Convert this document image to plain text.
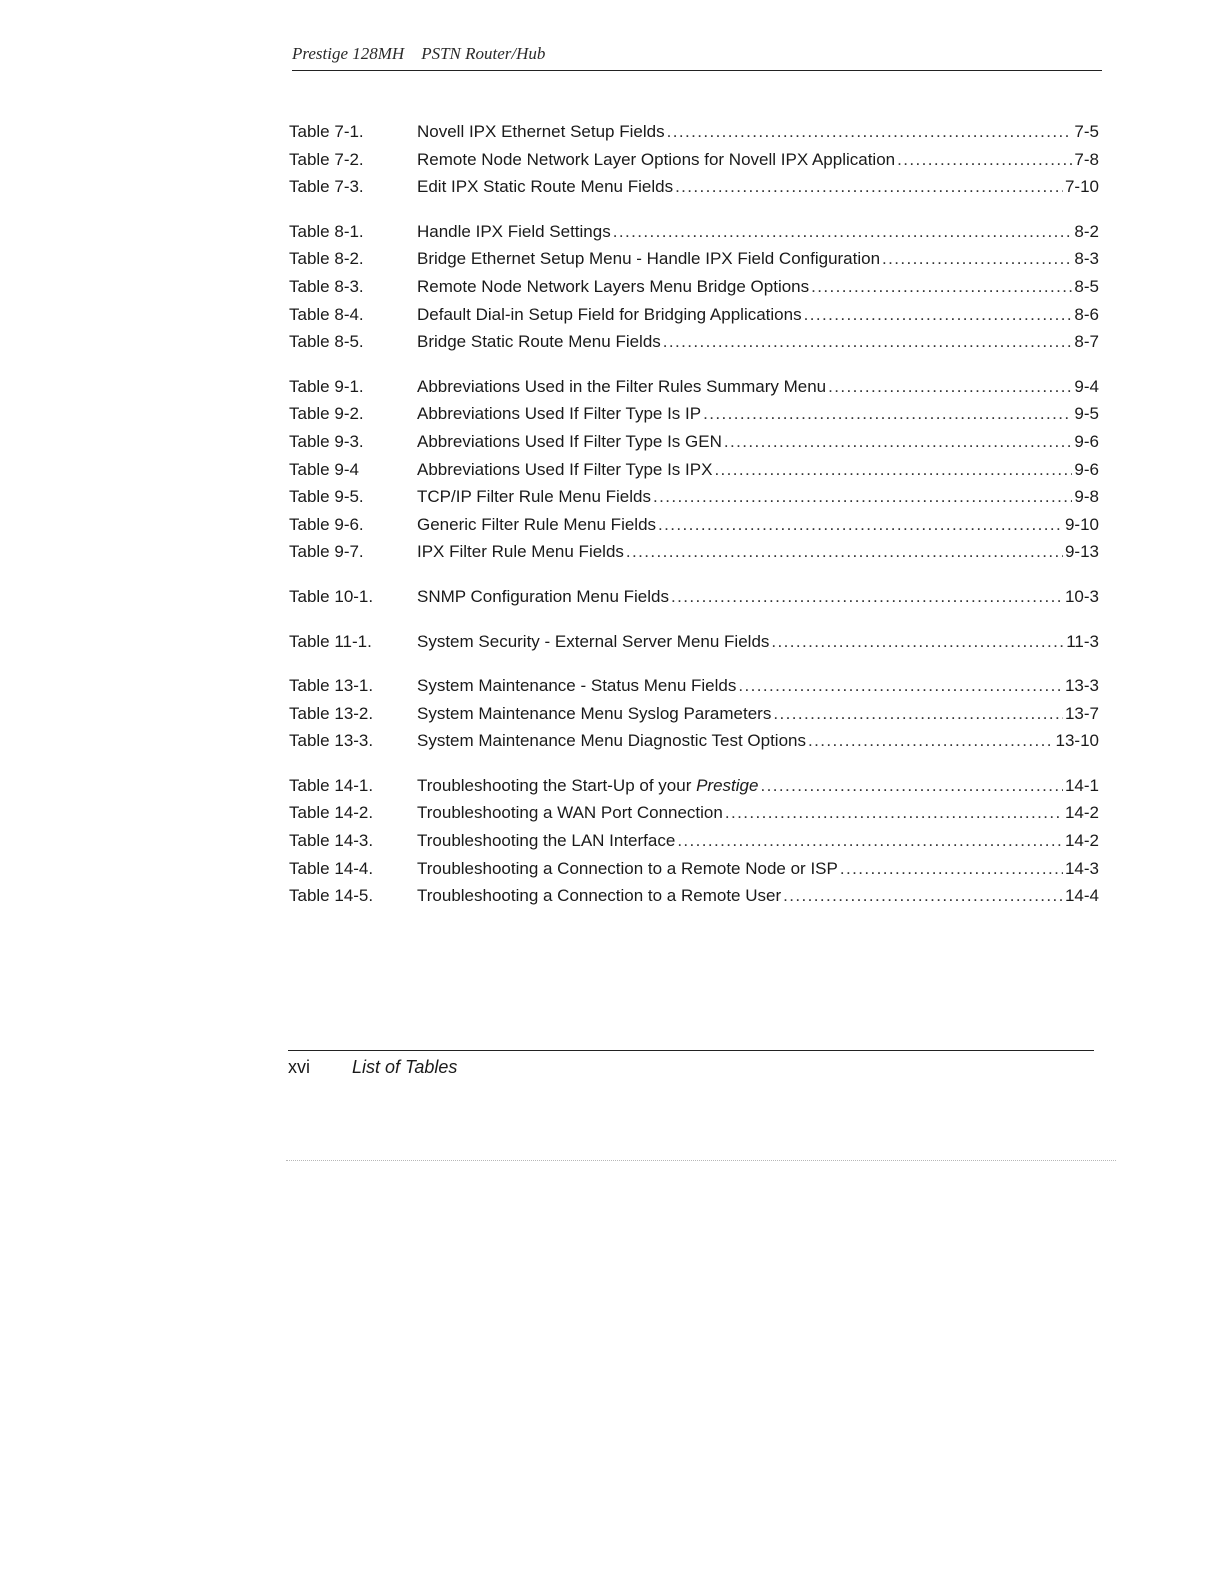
Prestige 128MH    PSTN Router/Hub
Table 7-1.	Novell IPX Ethernet Setup Fields .....	7-5
Table 7-2.	Remote Node Network Layer Options for Novell IPX Application .....	7-8
Table 7-3.	Edit IPX Static Route Menu Fields .....	7-10
Table 8-1.	Handle IPX Field Settings .....	8-2
Table 8-2.	Bridge Ethernet Setup Menu - Handle IPX Field Configuration .....	8-3
Table 8-3.	Remote Node Network Layers Menu Bridge Options .....	8-5
Table 8-4.	Default Dial-in Setup Field for Bridging Applications .....	8-6
Table 8-5.	Bridge Static Route Menu Fields .....	8-7
Table 9-1.	Abbreviations Used in the Filter Rules Summary Menu .....	9-4
Table 9-2.	Abbreviations Used If Filter Type Is IP .....	9-5
Table 9-3.	Abbreviations Used If Filter Type Is GEN .....	9-6
Table 9-4	Abbreviations Used If Filter Type Is IPX .....	9-6
Table 9-5.	TCP/IP Filter Rule Menu Fields .....	9-8
Table 9-6.	Generic Filter Rule Menu Fields .....	9-10
Table 9-7.	IPX Filter Rule Menu Fields .....	9-13
Table 10-1.	SNMP Configuration Menu Fields .....	10-3
Table 11-1.	System Security - External Server Menu Fields .....	11-3
Table 13-1.	System Maintenance - Status Menu Fields .....	13-3
Table 13-2.	System Maintenance Menu Syslog Parameters .....	13-7
Table 13-3.	System Maintenance Menu Diagnostic Test Options .....	13-10
Table 14-1.	Troubleshooting the Start-Up of your Prestige .....	14-1
Table 14-2.	Troubleshooting a WAN Port Connection .....	14-2
Table 14-3.	Troubleshooting the LAN Interface .....	14-2
Table 14-4.	Troubleshooting a Connection to a Remote Node or ISP .....	14-3
Table 14-5.	Troubleshooting a Connection to a Remote User .....	14-4
xvi List of Tables
